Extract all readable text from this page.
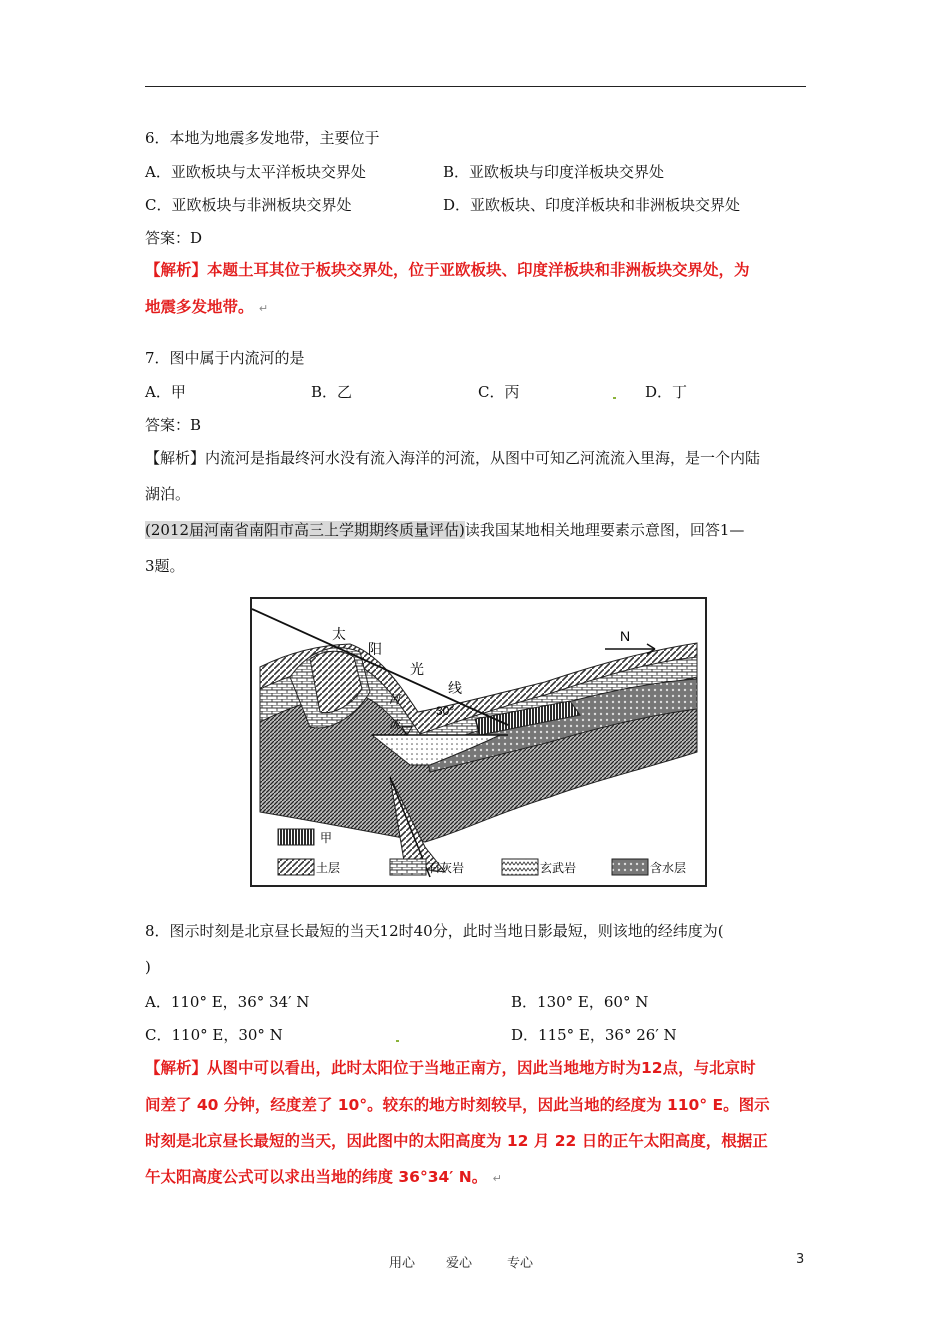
6．本地为地震多发地带，主要位于
A．亚欧板块与太平洋板块交界处	B．亚欧板块与印度洋板块交界处
C．亚欧板块与非洲板块交界处	D．亚欧板块、印度洋板块和非洲板块交界处
答案：D
【解析】本题土耳其位于板块交界处，位于亚欧板块、印度洋板块和非洲板块交界处，为
地震多发地带。 ↵
7．图中属于内流河的是
A．甲	B．乙	C．丙	D．丁
答案：B
【解析】内流河是指最终河水没有流入海洋的河流，从图中可知乙河流流入里海，是一个内陆
湖泊。
(2012届河南省南阳市高三上学期期终质量评估)读我国某地相关地理要素示意图，回答1—
3题。
太
阳
光
线
30°
N
河
流
甲
土层	石灰岩	玄武岩	含水层
8．图示时刻是北京昼长最短的当天12时40分，此时当地日影最短，则该地的经纬度为(
)
A．110° E，36° 34′ N	B．130° E，60° N
C．110° E，30° N	D．115° E，36° 26′ N
【解析】从图中可以看出，此时太阳位于当地正南方，因此当地地方时为12点，与北京时
间差了 40 分钟，经度差了 10°。较东的地方时刻较早，因此当地的经度为 110° E。图示
时刻是北京昼长最短的当天，因此图中的太阳高度为 12 月 22 日的正午太阳高度，根据正
午太阳高度公式可以求出当地的纬度 36°34′ N。 ↵
用心 爱心	专心	3
